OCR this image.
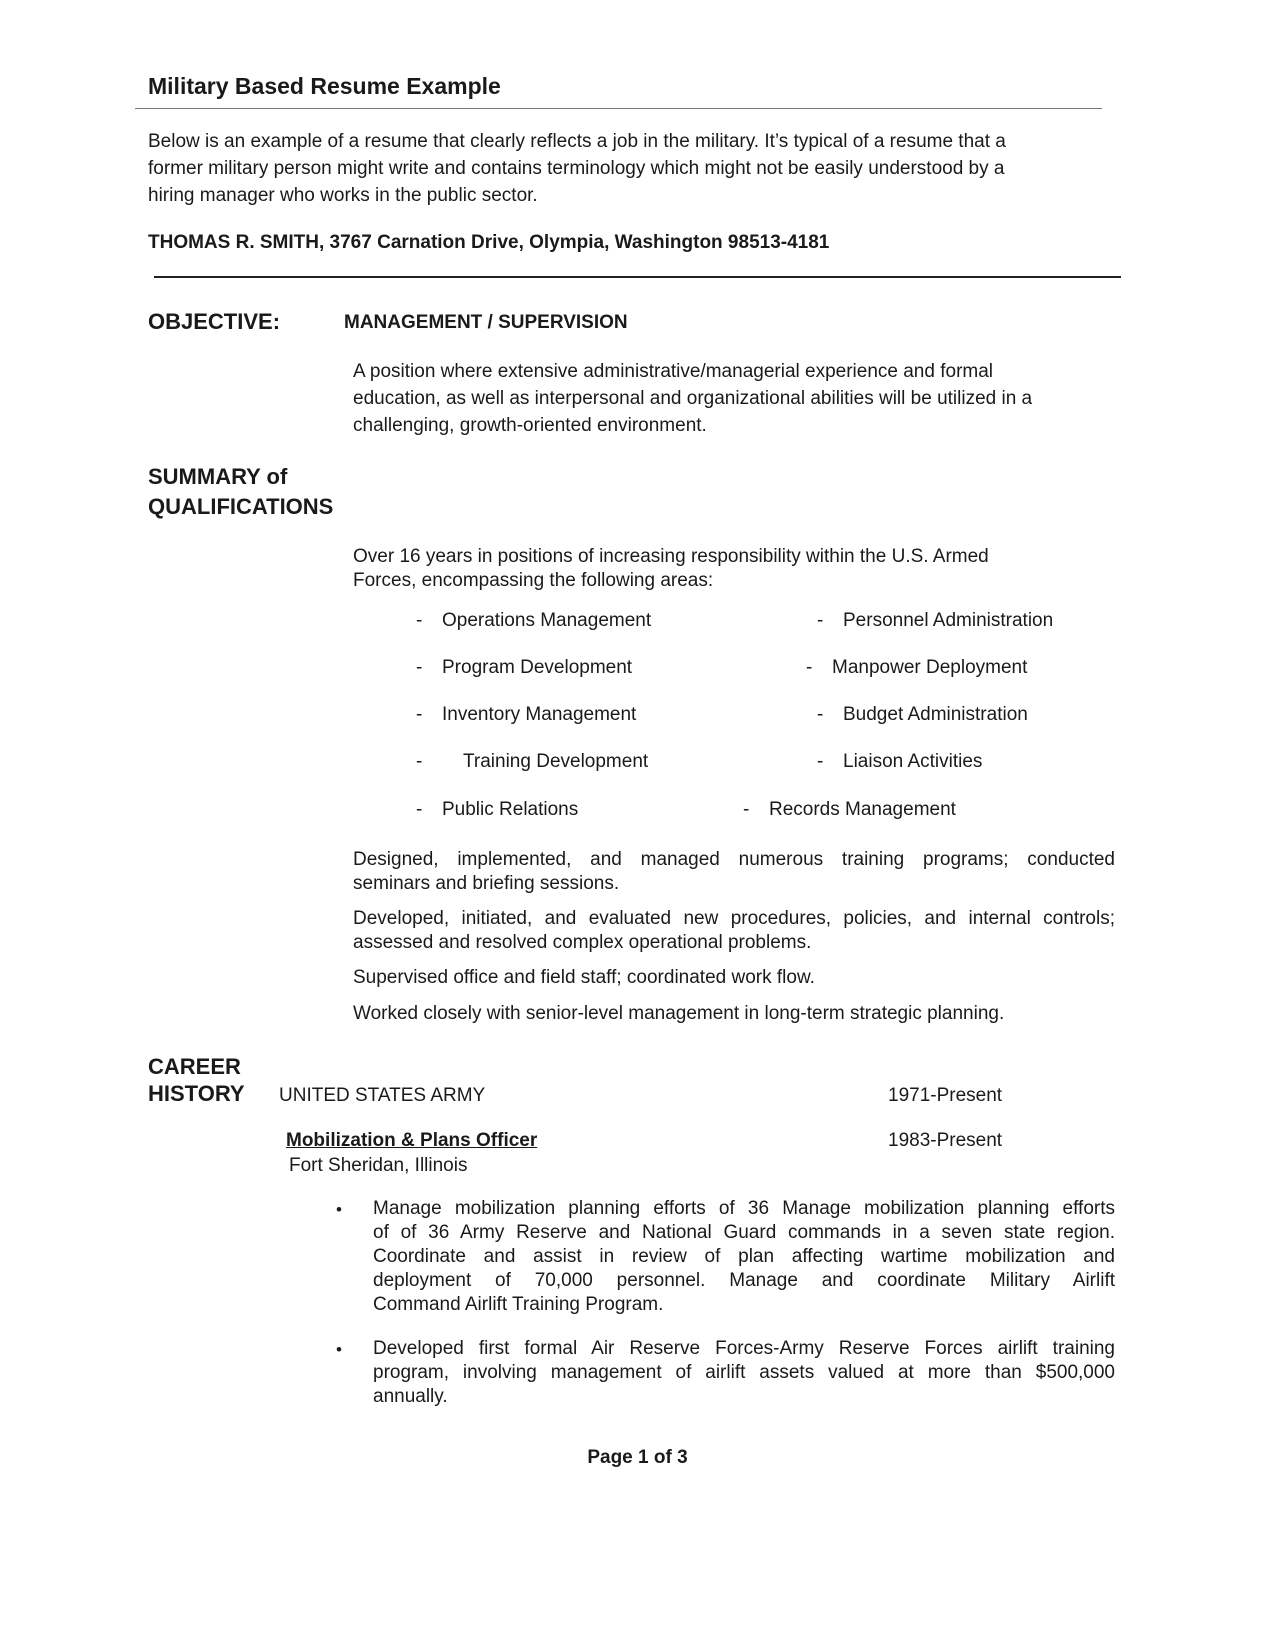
Military Based Resume Example
Below is an example of a resume that clearly reflects a job in the military. It’s typical of a resume that a
former military person might write and contains terminology which might not be easily understood by a
hiring manager who works in the public sector.
THOMAS R. SMITH, 3767 Carnation Drive, Olympia, Washington 98513-4181
OBJECTIVE:	MANAGEMENT / SUPERVISION
A position where extensive administrative/managerial experience and formal
education, as well as interpersonal and organizational abilities will be utilized in a
challenging, growth-oriented environment.
SUMMARY of
QUALIFICATIONS
Over 16 years in positions of increasing responsibility within the U.S. Armed
Forces, encompassing the following areas:
- Operations Management	- Personnel Administration
- Program Development	- Manpower Deployment
- Inventory Management	- Budget Administration
- Training Development	- Liaison Activities
- Public Relations	- Records Management
Designed, implemented, and managed numerous training programs; conducted
seminars and briefing sessions.
Developed, initiated, and evaluated new procedures, policies, and internal controls;
assessed and resolved complex operational problems.
Supervised office and field staff; coordinated work flow.
Worked closely with senior-level management in long-term strategic planning.
CAREER
HISTORY UNITED STATES ARMY	1971-Present
Mobilization & Plans Officer	1983-Present
Fort Sheridan, Illinois
• Manage mobilization planning efforts of 36 Manage mobilization planning efforts
of of 36 Army Reserve and National Guard commands in a seven state region.
Coordinate and assist in review of plan affecting wartime mobilization and
deployment of 70,000 personnel. Manage and coordinate Military Airlift
Command Airlift Training Program.
• Developed first formal Air Reserve Forces-Army Reserve Forces airlift training
program, involving management of airlift assets valued at more than $500,000
annually.
Page 1 of 3
